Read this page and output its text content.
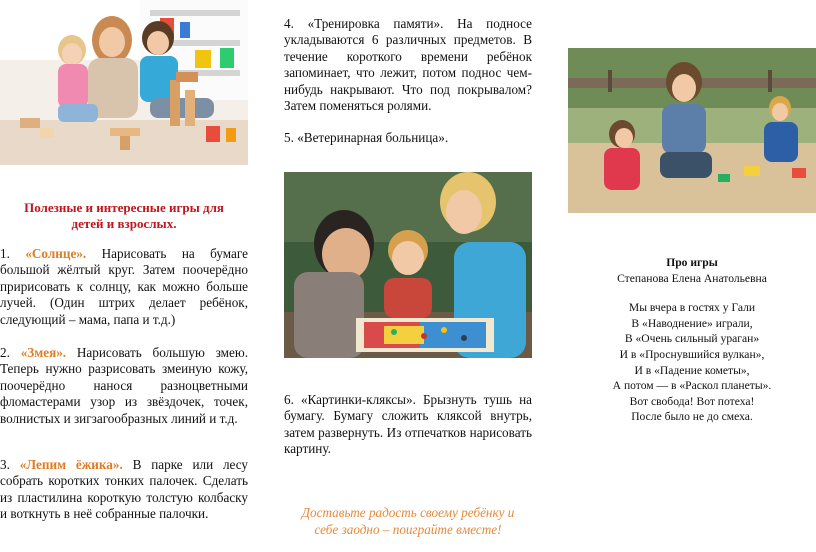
Полезные и интересные игры для
детей и взрослых.
1. «Солнце». Нарисовать на бумаге большой жёлтый круг. Затем поочерёдно пририсовать к солнцу, как можно больше лучей. (Один штрих делает ребёнок, следующий – мама, папа и т.д.)
2. «Змея». Нарисовать большую змею. Теперь нужно разрисовать змеиную кожу, поочерёдно нанося разноцветными фломастерами узор из звёздочек, точек, волнистых и зигзагообразных линий и т.д.
3. «Лепим ёжика». В парке или лесу собрать коротких тонких палочек. Сделать из пластилина короткую толстую колбаску и воткнуть в неё собранные палочки.
4. «Тренировка памяти». На подносе укладываются 6 различных предметов. В течение короткого времени ребёнок запоминает, что лежит, потом поднос чем-нибудь накрывают. Что под покрывалом? Затем поменяться ролями.
5. «Ветеринарная больница».
6. «Картинки-кляксы». Брызнуть тушь на бумагу. Бумагу сложить кляксой внутрь, затем развернуть. Из отпечатков нарисовать картину.
Доставьте радость своему ребёнку и
себе заодно – поиграйте вместе!
Про игры
Степанова Елена Анатольевна
Мы вчера в гостях у Гали
В «Наводнение» играли,
В «Очень сильный ураган»
И в «Проснувшийся вулкан»,
И в «Падение кометы»,
А потом — в «Раскол планеты».
Вот свобода! Вот потеха!
После было не до смеха.
